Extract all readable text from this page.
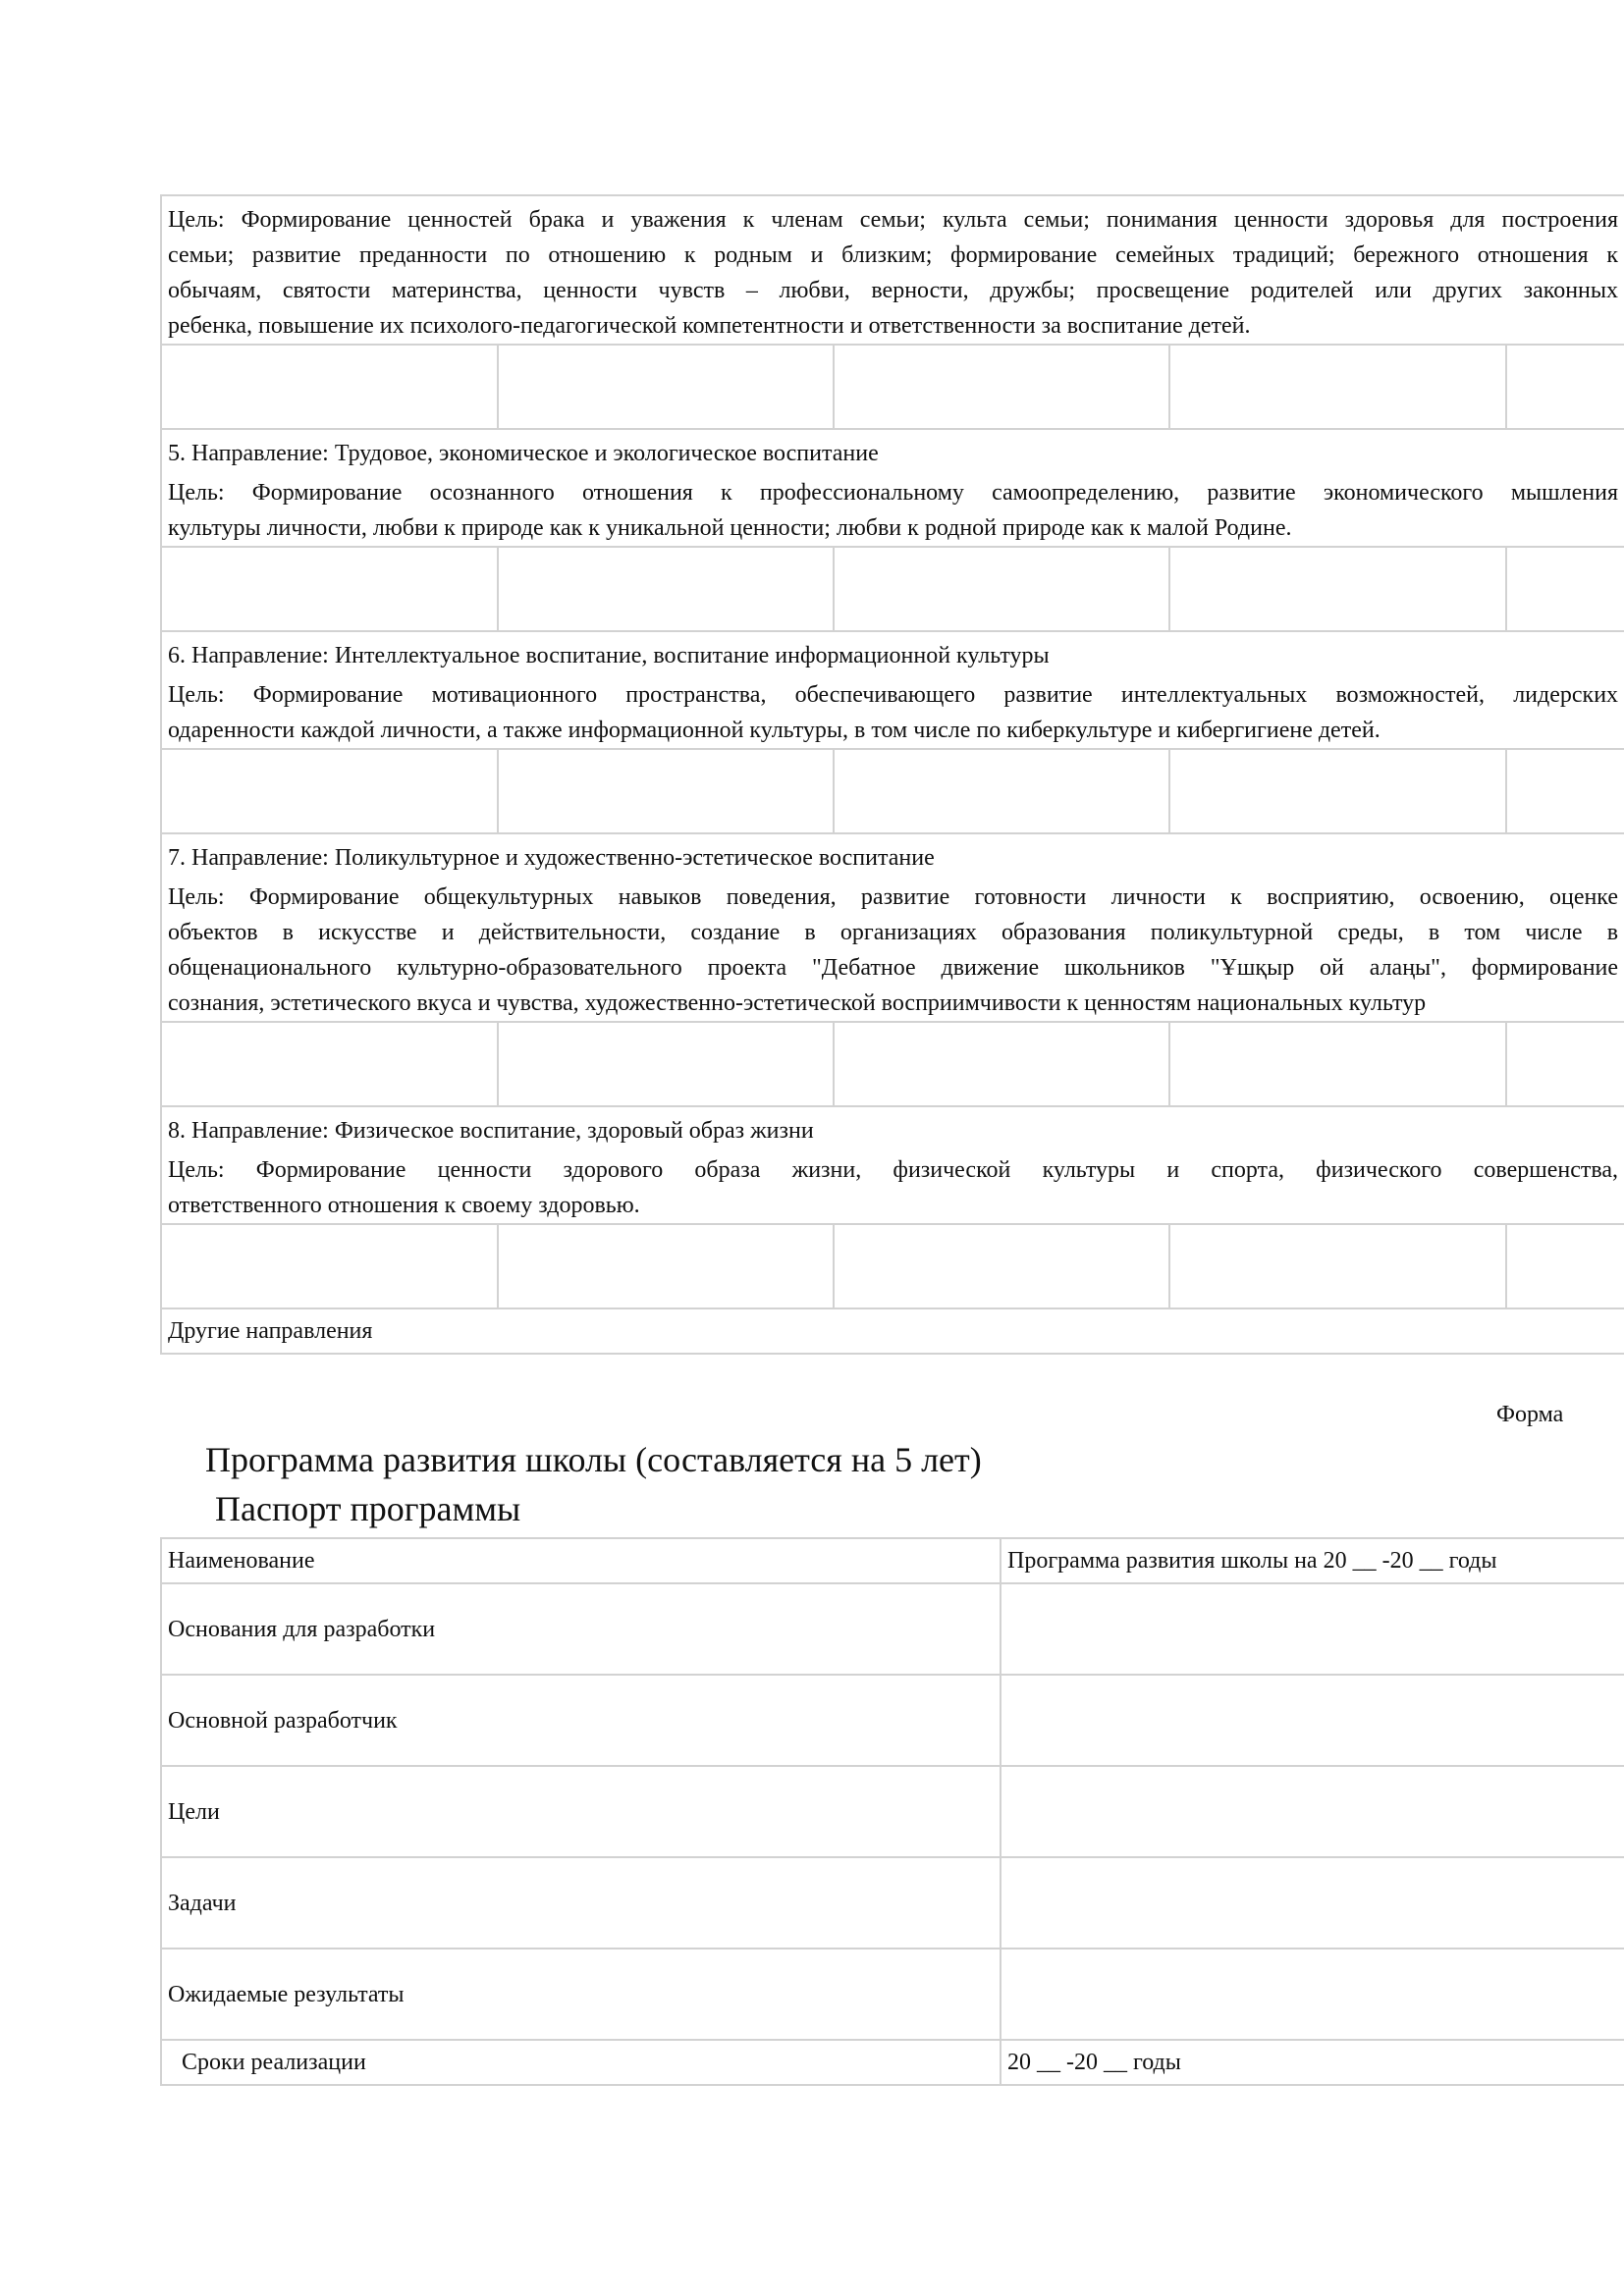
Цель: Формирование ценностей брака и уважения к членам семьи; культа семьи; понимания ценности здоровья для построения
семьи; развитие преданности по отношению к родным и близким; формирование семейных традиций; бережного отношения к
обычаям, святости материнства, ценности чувств – любви, верности, дружбы; просвещение родителей или других законных
ребенка, повышение их психолого-педагогической компетентности и ответственности за воспитание детей.				

5. Направление: Трудовое, экономическое и экологическое воспитание
Цель: Формирование осознанного отношения к профессиональному самоопределению, развитие экономического мышления
культуры личности, любви к природе как к уникальной ценности; любви к родной природе как к малой Родине.				

6. Направление: Интеллектуальное воспитание, воспитание информационной культуры
Цель: Формирование мотивационного пространства, обеспечивающего развитие интеллектуальных возможностей, лидерских
одаренности каждой личности, а также информационной культуры, в том числе по киберкультуре и кибергигиене детей.				

7. Направление: Поликультурное и художественно-эстетическое воспитание
Цель: Формирование общекультурных навыков поведения, развитие готовности личности к восприятию, освоению, оценке
объектов в искусстве и действительности, создание в организациях образования поликультурной среды, в том числе в
общенационального культурно-образовательного проекта "Дебатное движение школьников "Ұшқыр ой алаңы", формирование
сознания, эстетического вкуса и чувства, художественно-эстетической восприимчивости к ценностям национальных культур				

8. Направление: Физическое воспитание, здоровый образ жизни
Цель: Формирование ценности здорового образа жизни, физической культуры и спорта, физического совершенства,
ответственного отношения к своему здоровью.				

Другие направления				
Форма
Программа развития школы (составляется на 5 лет)
Паспорт программы
Наименование	Программа развития школы на 20 __ -20 __ годы
Основания для разработки	
Основной разработчик	
Цели	
Задачи	
Ожидаемые результаты	
Сроки реализации	20 __ -20 __ годы
